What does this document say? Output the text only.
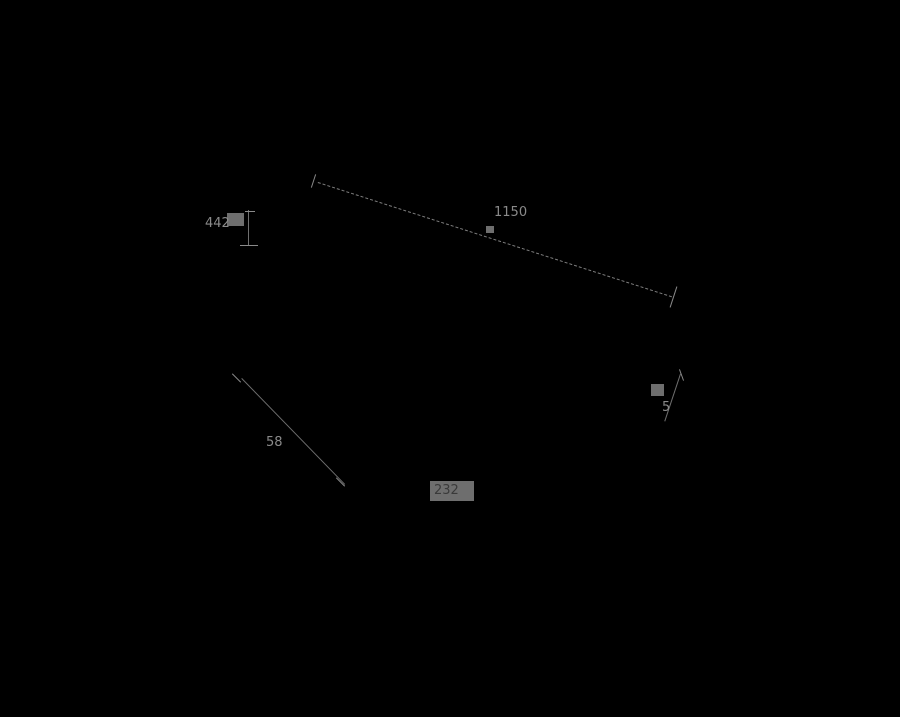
1150
442
58
5
232
